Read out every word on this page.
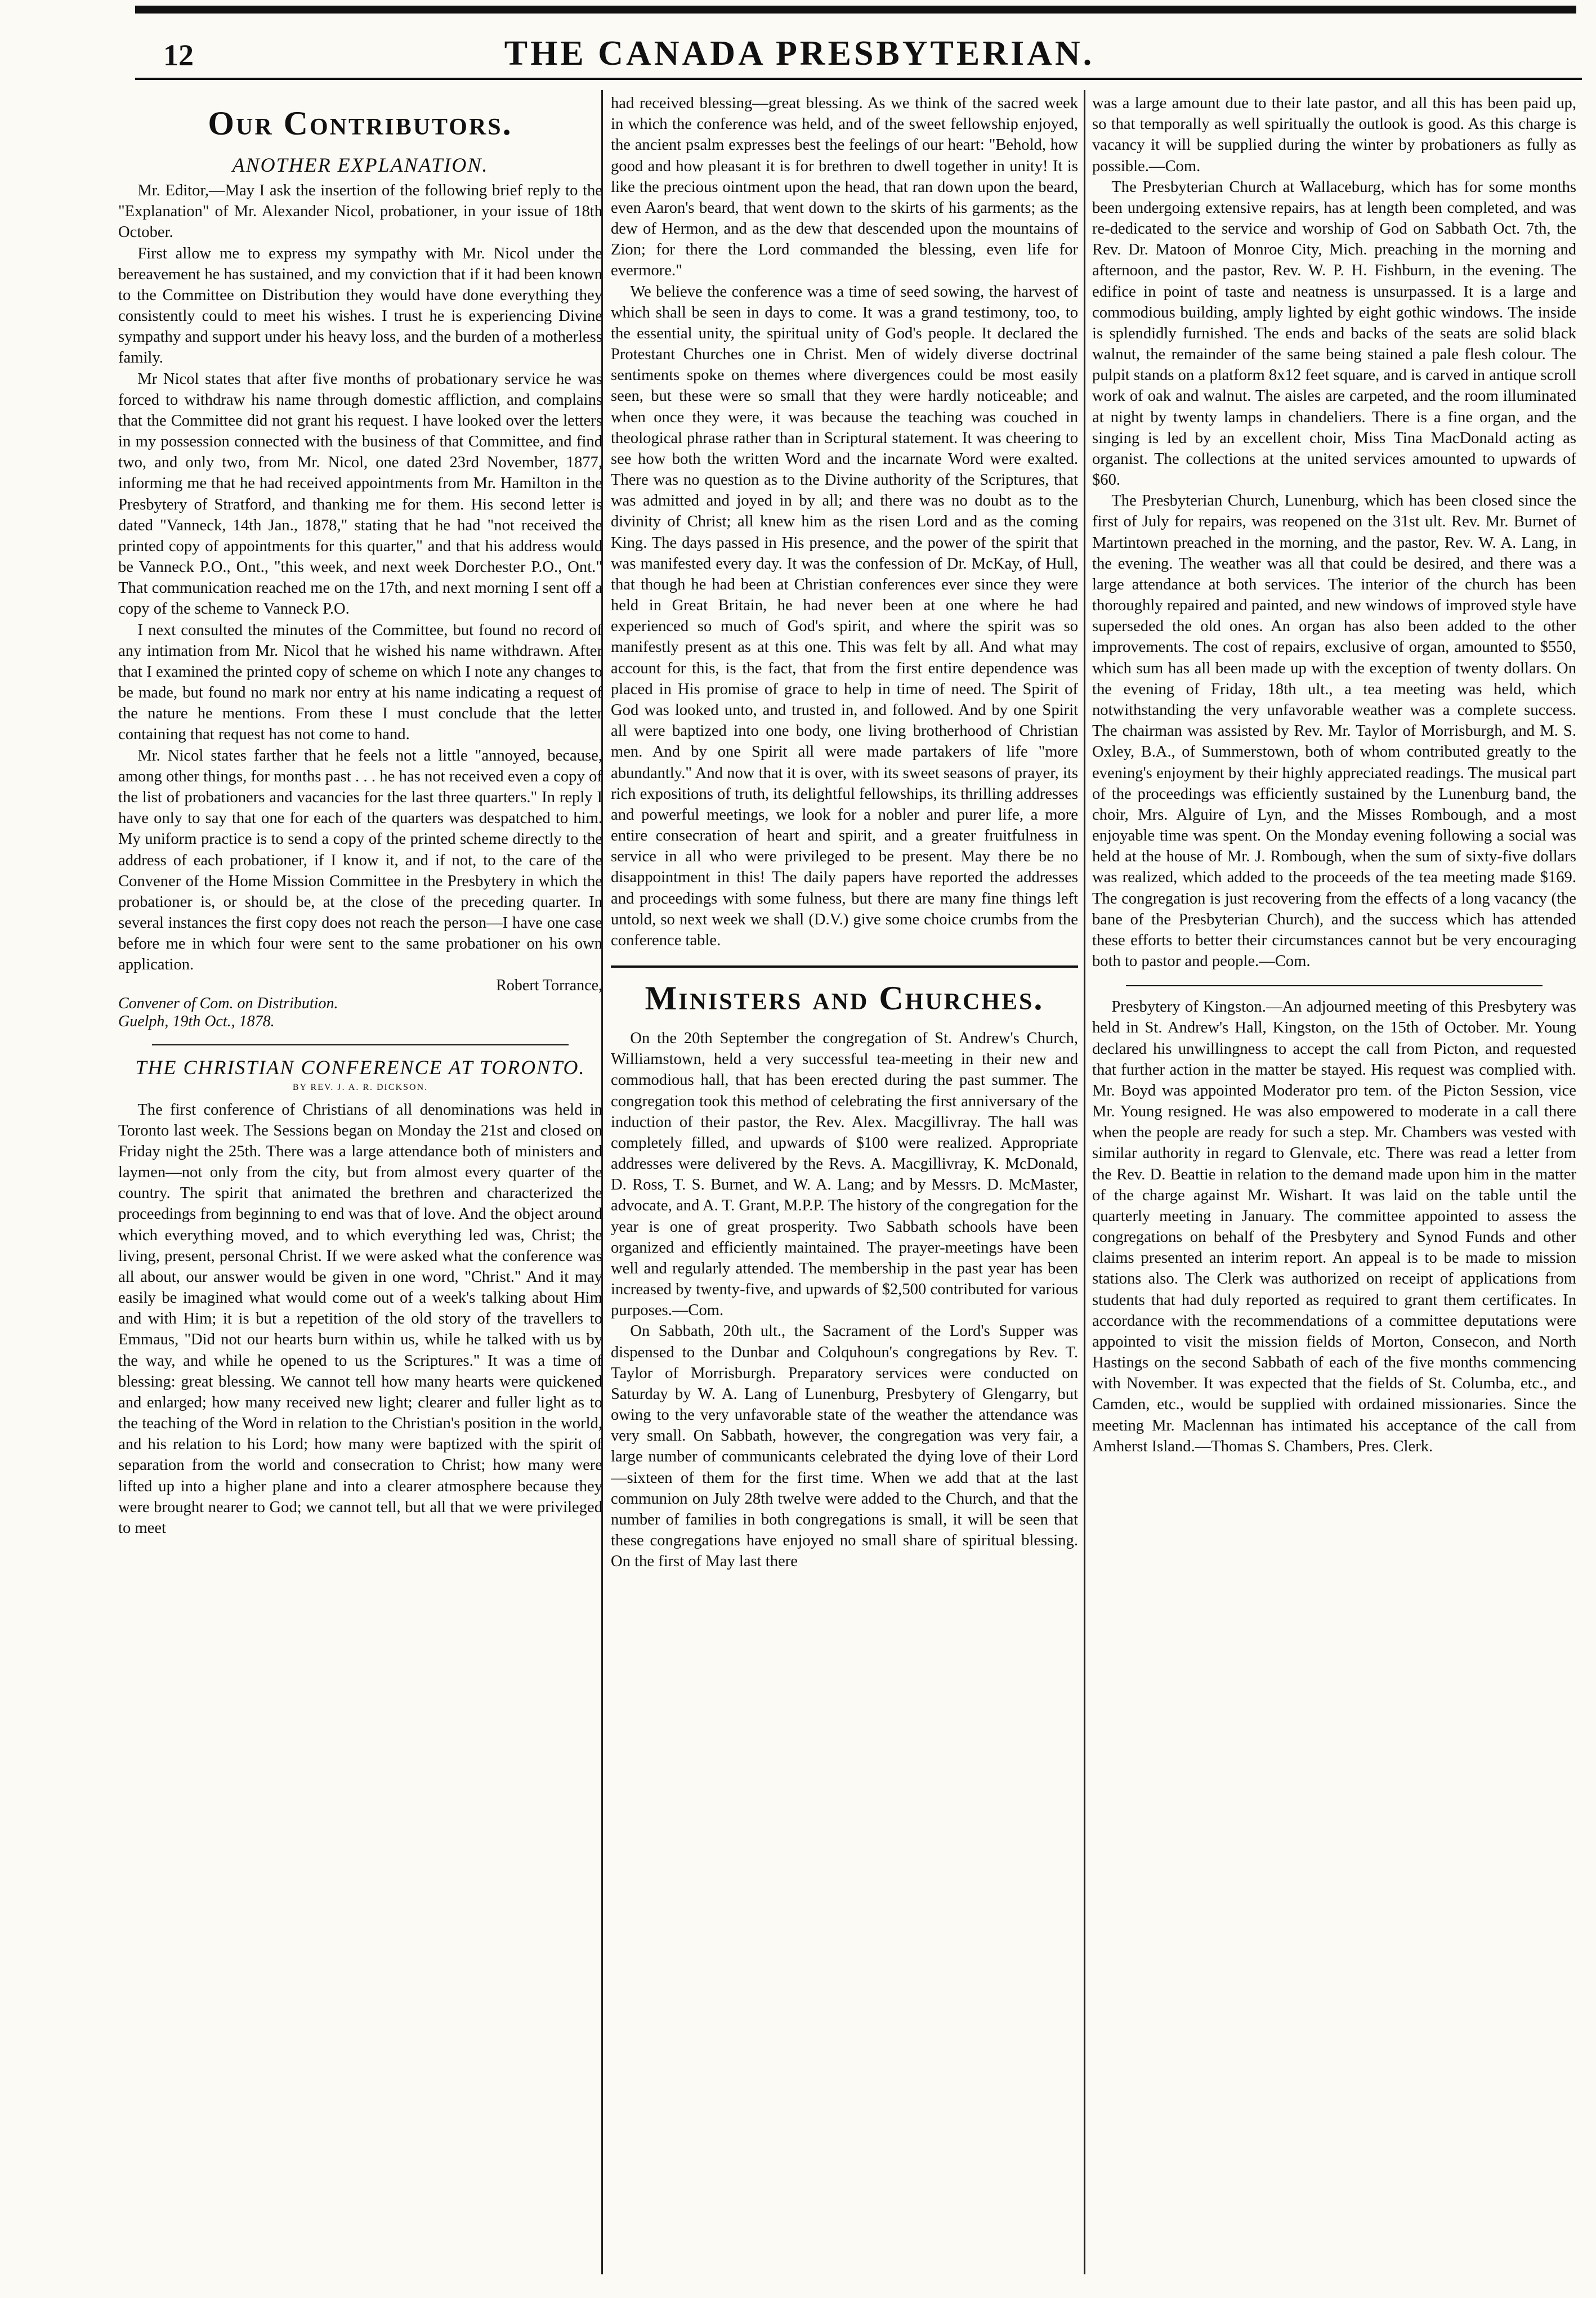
12	THE CANADA PRESBYTERIAN.
Our Contributors.
ANOTHER EXPLANATION.

Mr. Editor,—May I ask the insertion of the following brief reply to the "Explanation" of Mr. Alexander Nicol, probationer, in your issue of 18th October.

First allow me to express my sympathy with Mr. Nicol under the bereavement he has sustained, and my conviction that if it had been known to the Committee on Distribution they would have done everything they consistently could to meet his wishes. I trust he is experiencing Divine sympathy and support under his heavy loss, and the burden of a motherless family.

Mr Nicol states that after five months of probationary service he was forced to withdraw his name through domestic affliction, and complains that the Committee did not grant his request. I have looked over the letters in my possession connected with the business of that Committee, and find two, and only two, from Mr. Nicol, one dated 23rd November, 1877, informing me that he had received appointments from Mr. Hamilton in the Presbytery of Stratford, and thanking me for them. His second letter is dated "Vanneck, 14th Jan., 1878," stating that he had "not received the printed copy of appointments for this quarter," and that his address would be Vanneck P.O., Ont., "this week, and next week Dorchester P.O., Ont." That communication reached me on the 17th, and next morning I sent off a copy of the scheme to Vanneck P.O.

I next consulted the minutes of the Committee, but found no record of any intimation from Mr. Nicol that he wished his name withdrawn. After that I examined the printed copy of scheme on which I note any changes to be made, but found no mark nor entry at his name indicating a request of the nature he mentions. From these I must conclude that the letter containing that request has not come to hand.

Mr. Nicol states farther that he feels not a little "annoyed, because, among other things, for months past . . . he has not received even a copy of the list of probationers and vacancies for the last three quarters." In reply I have only to say that one for each of the quarters was despatched to him. My uniform practice is to send a copy of the printed scheme directly to the address of each probationer, if I know it, and if not, to the care of the Convener of the Home Mission Committee in the Presbytery in which the probationer is, or should be, at the close of the preceding quarter. In several instances the first copy does not reach the person—I have one case before me in which four were sent to the same probationer on his own application.

Robert Torrance,
Convener of Com. on Distribution.
Guelph, 19th Oct., 1878.
THE CHRISTIAN CONFERENCE AT TORONTO.
BY REV. J. A. R. DICKSON.

The first conference of Christians of all denominations was held in Toronto last week. The Sessions began on Monday the 21st and closed on Friday night the 25th. There was a large attendance both of ministers and laymen—not only from the city, but from almost every quarter of the country. The spirit that animated the brethren and characterized the proceedings from beginning to end was that of love. And the object around which everything moved, and to which everything led was, Christ; the living, present, personal Christ. If we were asked what the conference was all about, our answer would be given in one word, "Christ." And it may easily be imagined what would come out of a week's talking about Him and with Him; it is but a repetition of the old story of the travellers to Emmaus, "Did not our hearts burn within us, while he talked with us by the way, and while he opened to us the Scriptures." It was a time of blessing: great blessing. We cannot tell how many hearts were quickened and enlarged; how many received new light; clearer and fuller light as to the teaching of the Word in relation to the Christian's position in the world, and his relation to his Lord; how many were baptized with the spirit of separation from the world and consecration to Christ; how many were lifted up into a higher plane and into a clearer atmosphere because they were brought nearer to God; we cannot tell, but all that we were privileged to meet

had received blessing—great blessing. As we think of the sacred week in which the conference was held, and of the sweet fellowship enjoyed, the ancient psalm expresses best the feelings of our heart: "Behold, how good and how pleasant it is for brethren to dwell together in unity! It is like the precious ointment upon the head, that ran down upon the beard, even Aaron's beard, that went down to the skirts of his garments; as the dew of Hermon, and as the dew that descended upon the mountains of Zion; for there the Lord commanded the blessing, even life for evermore."

We believe the conference was a time of seed sowing, the harvest of which shall be seen in days to come. It was a grand testimony, too, to the essential unity, the spiritual unity of God's people. It declared the Protestant Churches one in Christ. Men of widely diverse doctrinal sentiments spoke on themes where divergences could be most easily seen, but these were so small that they were hardly noticeable; and when once they were, it was because the teaching was couched in theological phrase rather than in Scriptural statement. It was cheering to see how both the written Word and the incarnate Word were exalted. There was no question as to the Divine authority of the Scriptures, that was admitted and joyed in by all; and there was no doubt as to the divinity of Christ; all knew him as the risen Lord and as the coming King. The days passed in His presence, and the power of the spirit that was manifested every day. It was the confession of Dr. McKay, of Hull, that though he had been at Christian conferences ever since they were held in Great Britain, he had never been at one where he had experienced so much of God's spirit, and where the spirit was so manifestly present as at this one. This was felt by all. And what may account for this, is the fact, that from the first entire dependence was placed in His promise of grace to help in time of need. The Spirit of God was looked unto, and trusted in, and followed. And by one Spirit all were baptized into one body, one living brotherhood of Christian men. And by one Spirit all were made partakers of life "more abundantly." And now that it is over, with its sweet seasons of prayer, its rich expositions of truth, its delightful fellowships, its thrilling addresses and powerful meetings, we look for a nobler and purer life, a more entire consecration of heart and spirit, and a greater fruitfulness in service in all who were privileged to be present. May there be no disappointment in this! The daily papers have reported the addresses and proceedings with some fulness, but there are many fine things left untold, so next week we shall (D.V.) give some choice crumbs from the conference table.

Ministers and Churches.

On the 20th September the congregation of St. Andrew's Church, Williamstown, held a very successful tea-meeting in their new and commodious hall, that has been erected during the past summer. The congregation took this method of celebrating the first anniversary of the induction of their pastor, the Rev. Alex. Macgillivray. The hall was completely filled, and upwards of $100 were realized. Appropriate addresses were delivered by the Revs. A. Macgillivray, K. McDonald, D. Ross, T. S. Burnet, and W. A. Lang; and by Messrs. D. McMaster, advocate, and A. T. Grant, M.P.P. The history of the congregation for the year is one of great prosperity. Two Sabbath schools have been organized and efficiently maintained. The prayer-meetings have been well and regularly attended. The membership in the past year has been increased by twenty-five, and upwards of $2,500 contributed for various purposes.—Com.

On Sabbath, 20th ult., the Sacrament of the Lord's Supper was dispensed to the Dunbar and Colquhoun's congregations by Rev. T. Taylor of Morrisburgh. Preparatory services were conducted on Saturday by W. A. Lang of Lunenburg, Presbytery of Glengarry, but owing to the very unfavorable state of the weather the attendance was very small. On Sabbath, however, the congregation was very fair, a large number of communicants celebrated the dying love of their Lord—sixteen of them for the first time. When we add that at the last communion on July 28th twelve were added to the Church, and that the number of families in both congregations is small, it will be seen that these congregations have enjoyed no small share of spiritual blessing. On the first of May last there

was a large amount due to their late pastor, and all this has been paid up, so that temporally as well spiritually the outlook is good. As this charge is vacancy it will be supplied during the winter by probationers as fully as possible.—Com.

The Presbyterian Church at Wallaceburg, which has for some months been undergoing extensive repairs, has at length been completed, and was re-dedicated to the service and worship of God on Sabbath Oct. 7th, the Rev. Dr. Matoon of Monroe City, Mich. preaching in the morning and afternoon, and the pastor, Rev. W. P. H. Fishburn, in the evening. The edifice in point of taste and neatness is unsurpassed. It is a large and commodious building, amply lighted by eight gothic windows. The inside is splendidly furnished. The ends and backs of the seats are solid black walnut, the remainder of the same being stained a pale flesh colour. The pulpit stands on a platform 8x12 feet square, and is carved in antique scroll work of oak and walnut. The aisles are carpeted, and the room illuminated at night by twenty lamps in chandeliers. There is a fine organ, and the singing is led by an excellent choir, Miss Tina MacDonald acting as organist. The collections at the united services amounted to upwards of $60.

The Presbyterian Church, Lunenburg, which has been closed since the first of July for repairs, was reopened on the 31st ult. Rev. Mr. Burnet of Martintown preached in the morning, and the pastor, Rev. W. A. Lang, in the evening. The weather was all that could be desired, and there was a large attendance at both services. The interior of the church has been thoroughly repaired and painted, and new windows of improved style have superseded the old ones. An organ has also been added to the other improvements. The cost of repairs, exclusive of organ, amounted to $550, which sum has all been made up with the exception of twenty dollars. On the evening of Friday, 18th ult., a tea meeting was held, which notwithstanding the very unfavorable weather was a complete success. The chairman was assisted by Rev. Mr. Taylor of Morrisburgh, and M. S. Oxley, B.A., of Summerstown, both of whom contributed greatly to the evening's enjoyment by their highly appreciated readings. The musical part of the proceedings was efficiently sustained by the Lunenburg band, the choir, Mrs. Alguire of Lyn, and the Misses Rombough, and a most enjoyable time was spent. On the Monday evening following a social was held at the house of Mr. J. Rombough, when the sum of sixty-five dollars was realized, which added to the proceeds of the tea meeting made $169. The congregation is just recovering from the effects of a long vacancy (the bane of the Presbyterian Church), and the success which has attended these efforts to better their circumstances cannot but be very encouraging both to pastor and people.—Com.

Presbytery of Kingston.—An adjourned meeting of this Presbytery was held in St. Andrew's Hall, Kingston, on the 15th of October. Mr. Young declared his unwillingness to accept the call from Picton, and requested that further action in the matter be stayed. His request was complied with. Mr. Boyd was appointed Moderator pro tem. of the Picton Session, vice Mr. Young resigned. He was also empowered to moderate in a call there when the people are ready for such a step. Mr. Chambers was vested with similar authority in regard to Glenvale, etc. There was read a letter from the Rev. D. Beattie in relation to the demand made upon him in the matter of the charge against Mr. Wishart. It was laid on the table until the quarterly meeting in January. The committee appointed to assess the congregations on behalf of the Presbytery and Synod Funds and other claims presented an interim report. An appeal is to be made to mission stations also. The Clerk was authorized on receipt of applications from students that had duly reported as required to grant them certificates. In accordance with the recommendations of a committee deputations were appointed to visit the mission fields of Morton, Consecon, and North Hastings on the second Sabbath of each of the five months commencing with November. It was expected that the fields of St. Columba, etc., and Camden, etc., would be supplied with ordained missionaries. Since the meeting Mr. Maclennan has intimated his acceptance of the call from Amherst Island.—Thomas S. Chambers, Pres. Clerk.
